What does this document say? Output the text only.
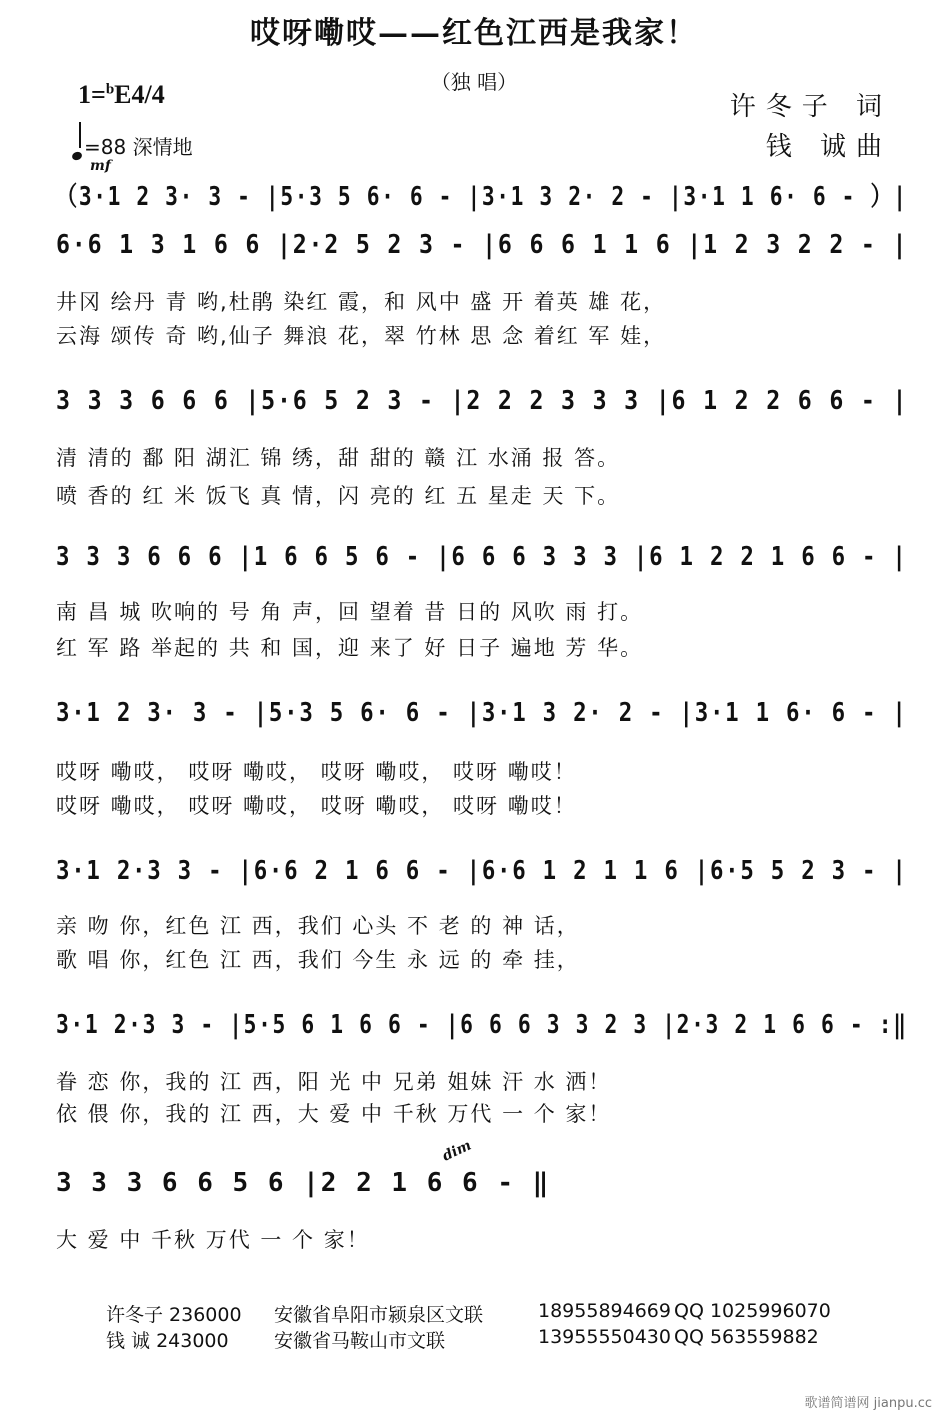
哎呀嘞哎——红色江西是我家！
（独 唱）
1=$^b$E4/4	许冬子 词
钱 诚曲
=88 深情地
mf
dim
（3·1 2 3· 3 - |5·3 5 6· 6 - |3·1 3 2· 2 - |3·1 1 6· 6 - ）|
6·6 1 3 1 6 6 |2·2 5 2 3 - |6 6 6 1 1 6 |1 2 3 2 2 - |
井冈 绘丹 青 哟,杜鹃 染红 霞，和 风中 盛 开 着英 雄 花，
云海 颂传 奇 哟,仙子 舞浪 花，翠 竹林 思 念 着红 军 娃，
3 3 3 6 6 6 |5·6 5 2 3 - |2 2 2 3 3 3 |6 1 2 2 6 6 - |
清 清的 鄱 阳 湖汇 锦 绣，甜 甜的 赣 江 水涌 报 答。
喷 香的 红 米 饭飞 真 情，闪 亮的 红 五 星走 天 下。
3 3 3 6 6 6 |1 6 6 5 6 - |6 6 6 3 3 3 |6 1 2 2 1 6 6 - |
南 昌 城 吹响的 号 角 声，回 望着 昔 日的 风吹 雨 打。
红 军 路 举起的 共 和 国，迎 来了 好 日子 遍地 芳 华。
3·1 2 3· 3 - |5·3 5 6· 6 - |3·1 3 2· 2 - |3·1 1 6· 6 - |
哎呀 嘞哎， 哎呀 嘞哎， 哎呀 嘞哎， 哎呀 嘞哎！
哎呀 嘞哎， 哎呀 嘞哎， 哎呀 嘞哎， 哎呀 嘞哎！
3·1 2·3 3 - |6·6 2 1 6 6 - |6·6 1 2 1 1 6 |6·5 5 2 3 - |
亲 吻 你，红色 江 西，我们 心头 不 老 的 神 话，
歌 唱 你，红色 江 西，我们 今生 永 远 的 牵 挂，
3·1 2·3 3 - |5·5 6 1 6 6 - |6 6 6 3 3 2 3 |2·3 2 1 6 6 - :‖
眷 恋 你，我的 江 西，阳 光 中 兄弟 姐妹 汗 水 洒！
依 偎 你，我的 江 西，大 爱 中 千秋 万代 一 个 家！
3 3 3 6 6 5 6 |2 2 1 6 6 - ‖
大 爱 中 千秋 万代 一 个 家！
许冬子 236000 安徽省阜阳市颍泉区文联	18955894669 QQ 1025996070
钱 诚 243000 安徽省马鞍山市文联	13955550430 QQ 563559882
歌谱简谱网 jianpu.cc
